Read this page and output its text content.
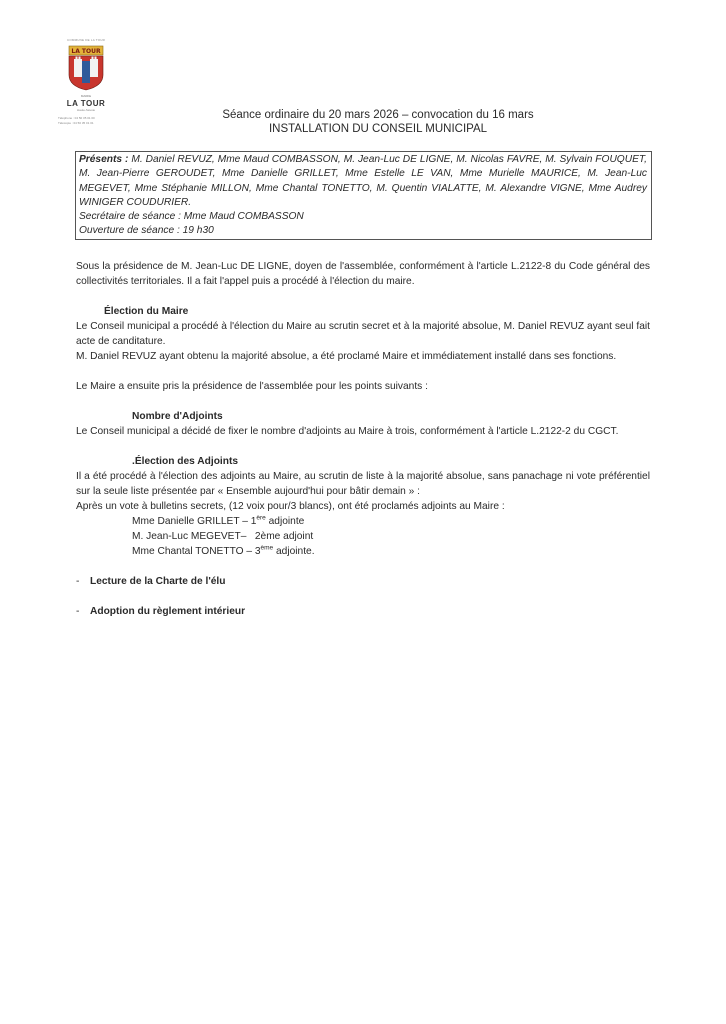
COMMUNE DE LA TOUR
LA TOUR
MAIRIE
LA TOUR
Haute-Savoie
Téléphone : 04 50 35 01 00
Télécopie : 04 50 35 01 01
Séance ordinaire du 20 mars 2026 – convocation du 16 mars
INSTALLATION DU CONSEIL MUNICIPAL
Présents : M. Daniel REVUZ, Mme Maud COMBASSON, M. Jean-Luc DE LIGNE, M. Nicolas FAVRE, M. Sylvain FOUQUET, M. Jean-Pierre GEROUDET, Mme Danielle GRILLET, Mme Estelle LE VAN, Mme Murielle MAURICE, M. Jean-Luc MEGEVET, Mme Stéphanie MILLON, Mme Chantal TONETTO, M. Quentin VIALATTE, M. Alexandre VIGNE, Mme Audrey WINIGER COUDURIER.
Secrétaire de séance : Mme Maud COMBASSON
Ouverture de séance : 19 h30

Sous la présidence de M. Jean-Luc DE LIGNE, doyen de l'assemblée, conformément à l'article L.2122-8 du Code général des collectivités territoriales. Il a fait l'appel puis a procédé à l'élection du maire.

Élection du Maire

Le Conseil municipal a procédé à l'élection du Maire au scrutin secret et à la majorité absolue, M. Daniel REVUZ ayant seul fait acte de canditature.

M. Daniel REVUZ ayant obtenu la majorité absolue, a été proclamé Maire et immédiatement installé dans ses fonctions.

Le Maire a ensuite pris la présidence de l'assemblée pour les points suivants :

Nombre d'Adjoints

Le Conseil municipal a décidé de fixer le nombre d'adjoints au Maire à trois, conformément à l'article L.2122-2 du CGCT.

.Élection des Adjoints

Il a été procédé à l'élection des adjoints au Maire, au scrutin de liste à la majorité absolue, sans panachage ni vote préférentiel sur la seule liste présentée par « Ensemble aujourd'hui pour bâtir demain » :

Après un vote à bulletins secrets, (12 voix pour/3 blancs), ont été proclamés adjoints au Maire :

Mme Danielle GRILLET – 1ère adjointe
M. Jean-Luc MEGEVET–   2ème adjoint
Mme Chantal TONETTO – 3ème adjointe.

- Lecture de la Charte de l'élu

- Adoption du règlement intérieur
